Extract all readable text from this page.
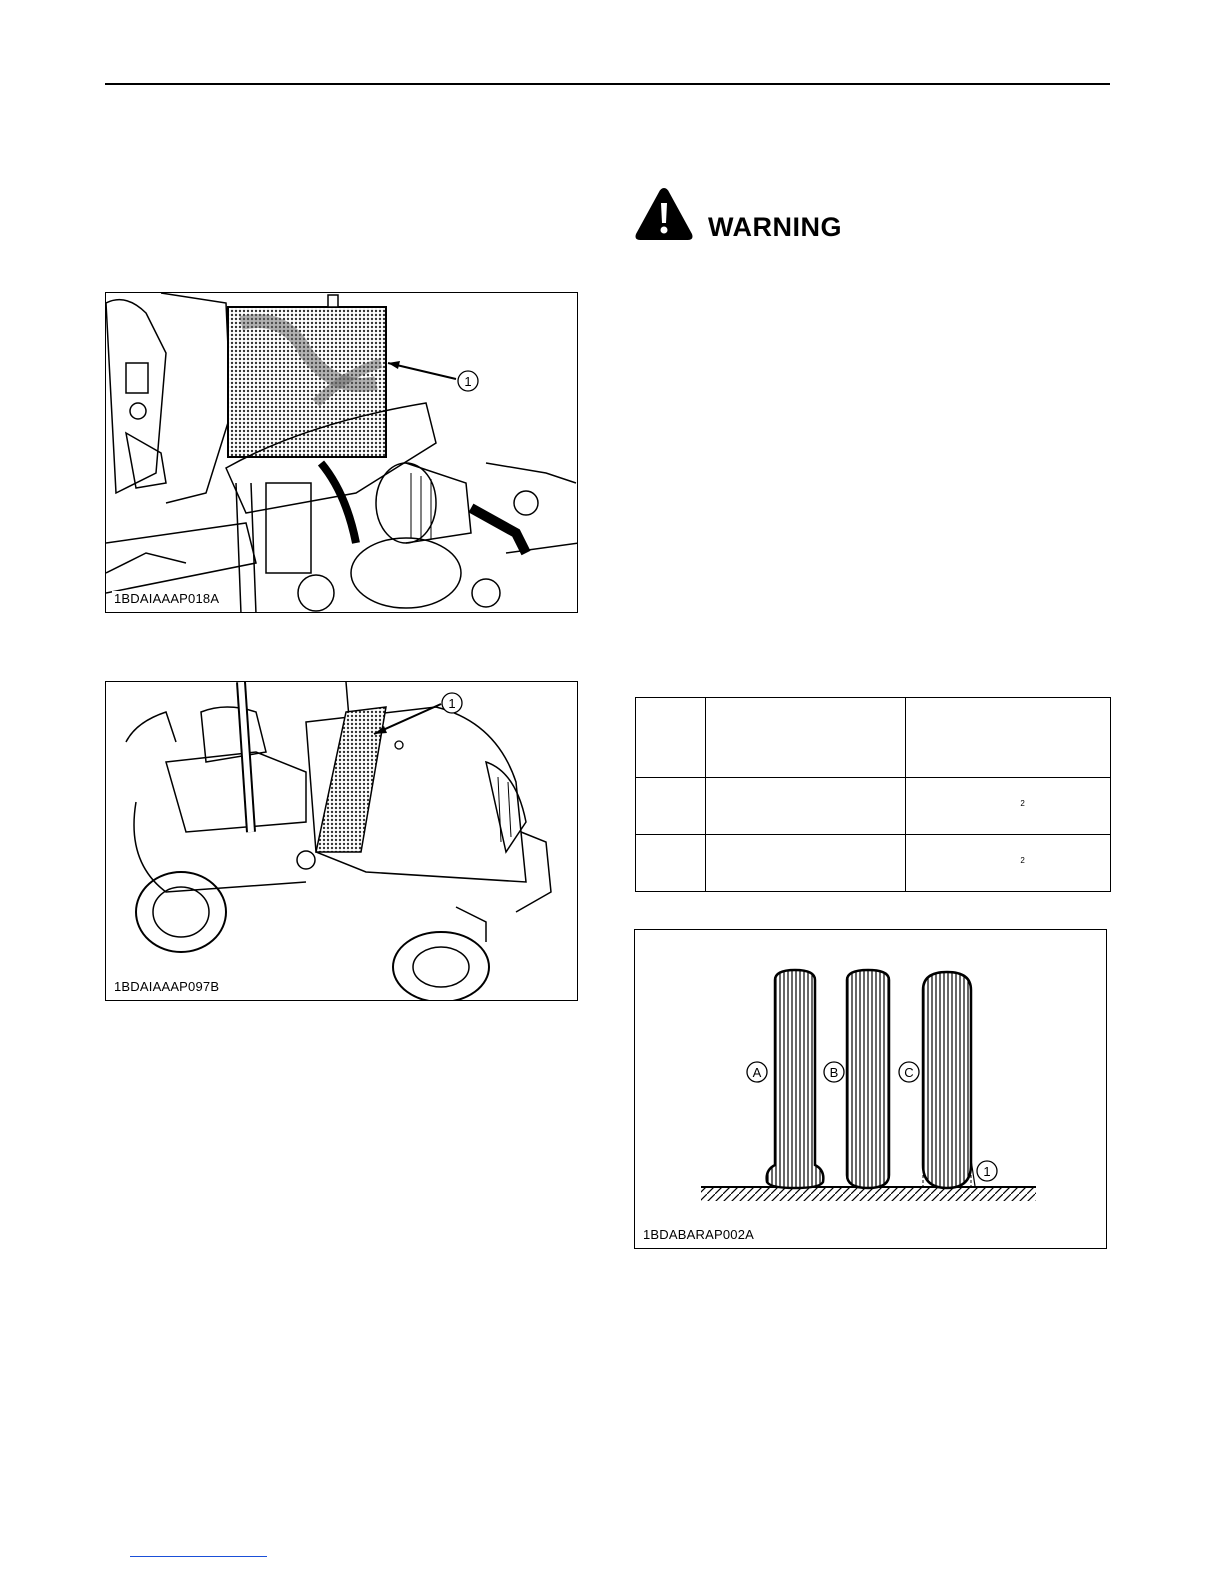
1
1BDAIAAAP018A
1
1BDAIAAAP097B
WARNING

		$^2$
		$^2$
A	B	C
1
1BDABARAP002A
